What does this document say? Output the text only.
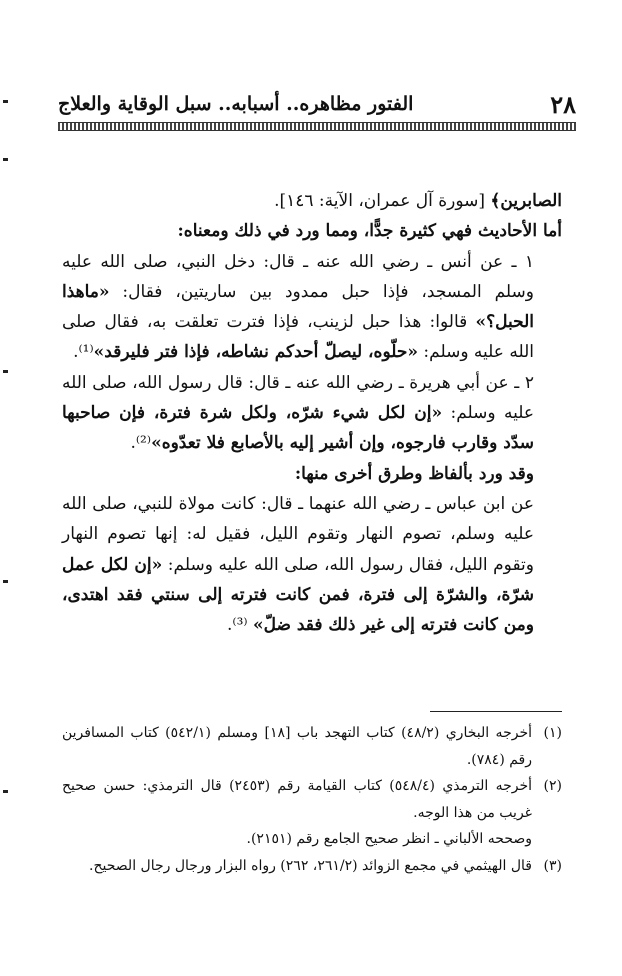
٢٨
الفتور مظاهره.. أسبابه.. سبل الوقاية والعلاج

الصابرين﴾ [سورة آل عمران، الآية: ١٤٦].

أما الأحاديث فهي كثيرة جدًّا، ومما ورد في ذلك ومعناه:

١ ـ عن أنس ـ رضي الله عنه ـ قال: دخل النبي، صلى الله عليه وسلم المسجد، فإذا حبل ممدود بين ساريتين، فقال: «ماهذا الحبل؟» قالوا: هذا حبل لزينب، فإذا فترت تعلقت به، فقال صلى الله عليه وسلم: «حلّوه، ليصلّ أحدكم نشاطه، فإذا فتر فليرقد»⁽¹⁾.

٢ ـ عن أبي هريرة ـ رضي الله عنه ـ قال: قال رسول الله، صلى الله عليه وسلم: «إن لكل شيء شرّه، ولكل شرة فترة، فإن صاحبها سدّد وقارب فارجوه، وإن أشير إليه بالأصابع فلا تعدّوه»⁽²⁾.

وقد ورد بألفاظ وطرق أخرى منها:

عن ابن عباس ـ رضي الله عنهما ـ قال: كانت مولاة للنبي، صلى الله عليه وسلم، تصوم النهار وتقوم الليل، فقيل له: إنها تصوم النهار وتقوم الليل، فقال رسول الله، صلى الله عليه وسلم: «إن لكل عمل شرّة، والشرّة إلى فترة، فمن كانت فترته إلى سنتي فقد اهتدى، ومن كانت فترته إلى غير ذلك فقد ضلّ» ⁽³⁾.

(١)
أخرجه البخاري (٤٨/٢) كتاب التهجد باب [١٨] ومسلم (٥٤٢/١) كتاب المسافرين رقم (٧٨٤).

(٢)
أخرجه الترمذي (٥٤٨/٤) كتاب القيامة رقم (٢٤٥٣) قال الترمذي: حسن صحيح غريب من هذا الوجه.

وصححه الألباني ـ انظر صحيح الجامع رقم (٢١٥١).

(٣)
قال الهيثمي في مجمع الزوائد (٢٦١/٢، ٢٦٢) رواه البزار ورجال رجال الصحيح.
